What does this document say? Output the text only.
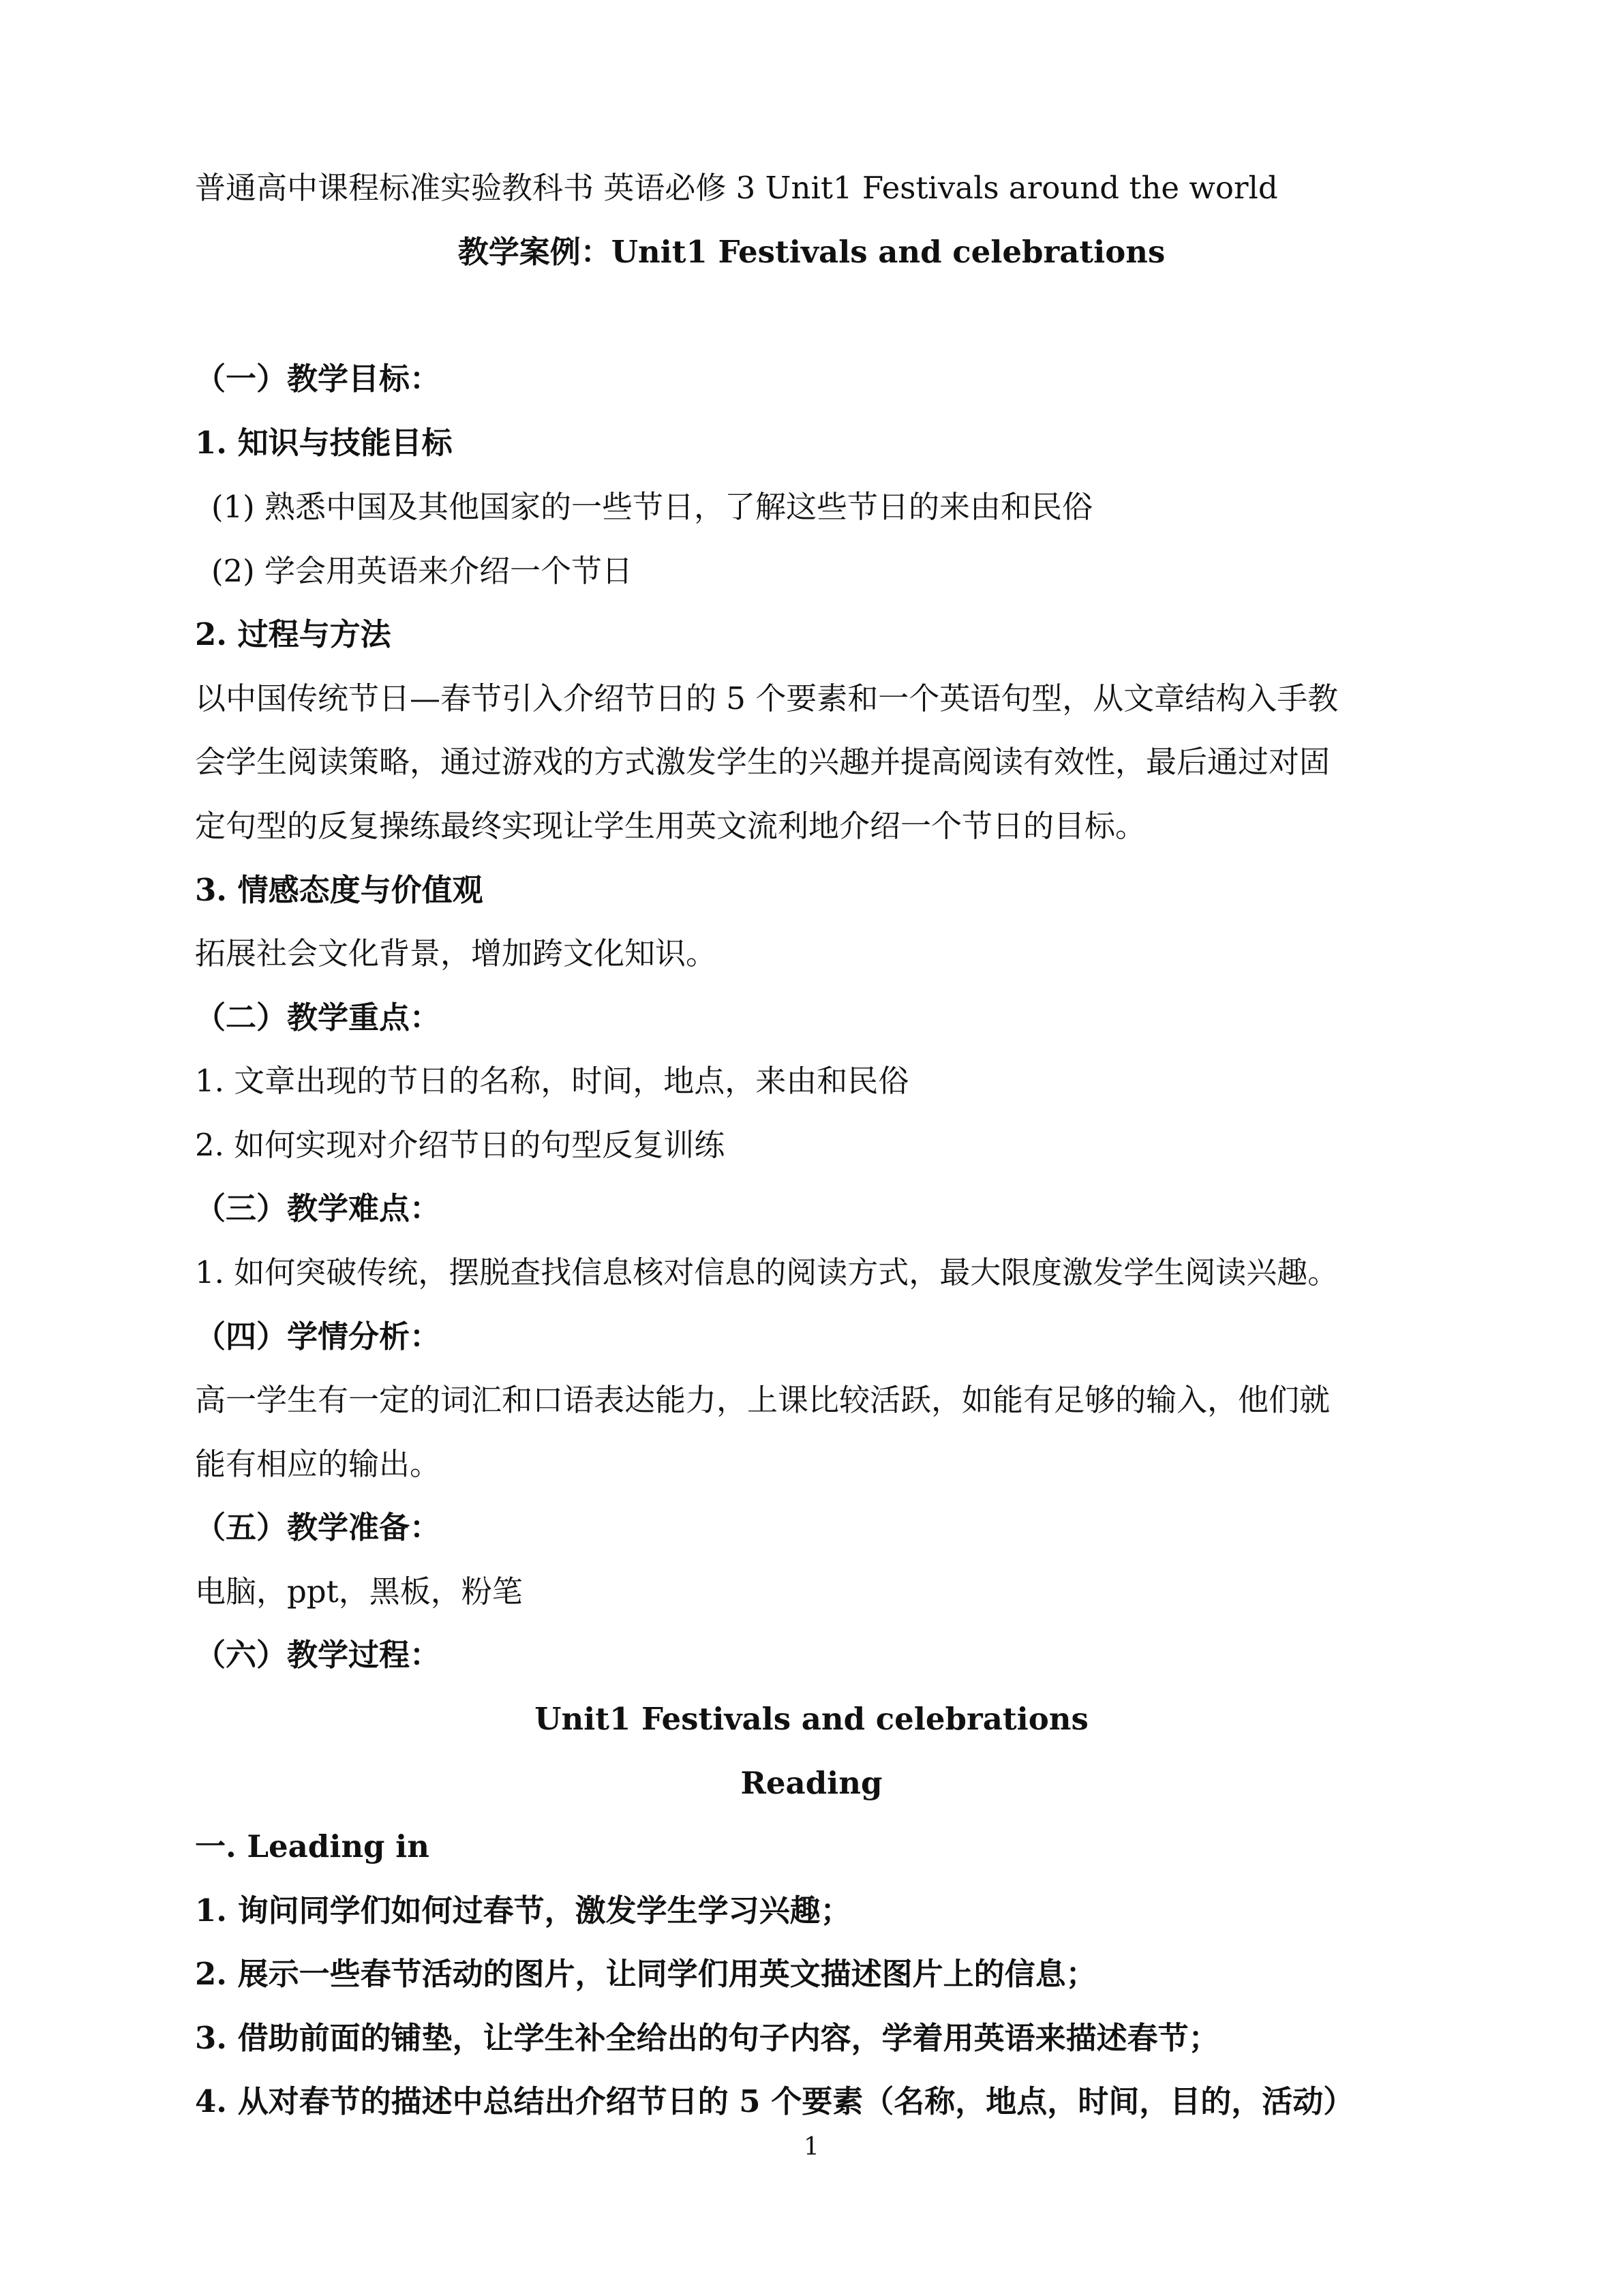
普通高中课程标准实验教科书 英语必修 3 Unit1 Festivals around the world

教学案例：Unit1 Festivals and celebrations

（一）教学目标：

1. 知识与技能目标

(1) 熟悉中国及其他国家的一些节日，了解这些节日的来由和民俗

(2) 学会用英语来介绍一个节日

2. 过程与方法

以中国传统节日—春节引入介绍节日的 5 个要素和一个英语句型，从文章结构入手教

会学生阅读策略，通过游戏的方式激发学生的兴趣并提高阅读有效性，最后通过对固

定句型的反复操练最终实现让学生用英文流利地介绍一个节日的目标。

3. 情感态度与价值观

拓展社会文化背景，增加跨文化知识。

（二）教学重点：

1. 文章出现的节日的名称，时间，地点，来由和民俗

2. 如何实现对介绍节日的句型反复训练

（三）教学难点：

1. 如何突破传统，摆脱查找信息核对信息的阅读方式，最大限度激发学生阅读兴趣。

（四）学情分析：

高一学生有一定的词汇和口语表达能力，上课比较活跃，如能有足够的输入，他们就

能有相应的输出。

（五）教学准备：

电脑，ppt，黑板，粉笔

（六）教学过程：

Unit1 Festivals and celebrations

Reading

一. Leading in

1. 询问同学们如何过春节，激发学生学习兴趣；

2. 展示一些春节活动的图片，让同学们用英文描述图片上的信息；

3. 借助前面的铺垫，让学生补全给出的句子内容，学着用英语来描述春节；

4. 从对春节的描述中总结出介绍节日的 5 个要素（名称，地点，时间，目的，活动）

1
